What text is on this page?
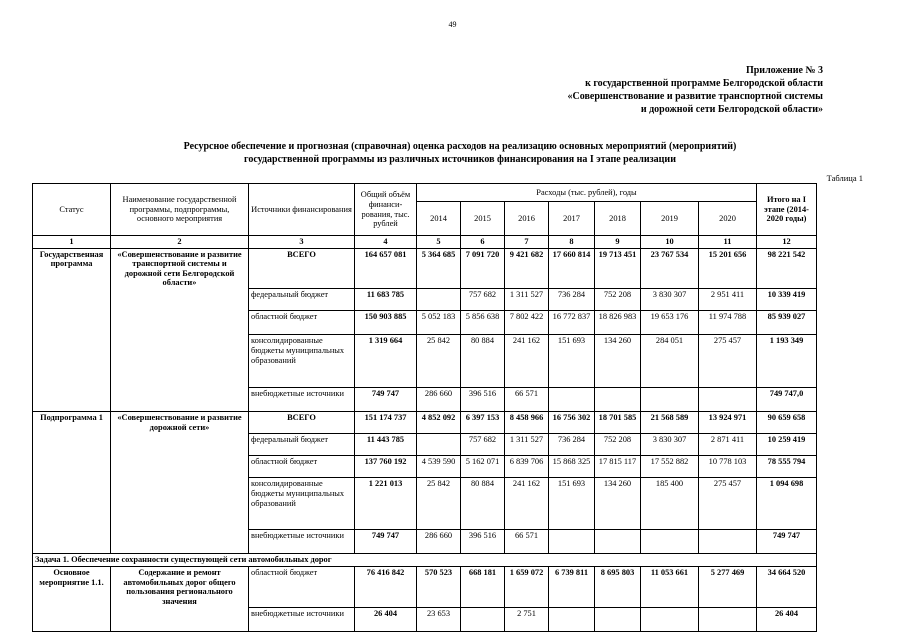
49
Приложение № 3
к государственной программе Белгородской области
«Совершенствование и развитие транспортной системы
и дорожной сети Белгородской области»
Ресурсное обеспечение и прогнозная (справочная) оценка расходов на реализацию основных мероприятий (мероприятий)
государственной программы из различных источников финансирования на I этапе реализации
Таблица 1
Статус	Наименование государственной программы, подпрограммы, основного мероприятия	Источники финансирования	Общий объём финанси-рования, тыс. рублей	Расходы (тыс. рублей), годы							Итого на I этапе (2014-2020 годы)
				2014	2015	2016	2017	2018	2019	2020	
1	2	3	4	5	6	7	8	9	10	11	12
Государственная программа	«Совершенствование и развитие транспортной системы и дорожной сети Белгородской области»	ВСЕГО	164 657 081	5 364 685	7 091 720	9 421 682	17 660 814	19 713 451	23 767 534	15 201 656	98 221 542
		федеральный бюджет	11 683 785		757 682	1 311 527	736 284	752 208	3 830 307	2 951 411	10 339 419
		областной бюджет	150 903 885	5 052 183	5 856 638	7 802 422	16 772 837	18 826 983	19 653 176	11 974 788	85 939 027
		консолидированные бюджеты муниципальных образований	1 319 664	25 842	80 884	241 162	151 693	134 260	284 051	275 457	1 193 349
		внебюджетные источники	749 747	286 660	396 516	66 571					749 747,0
Подпрограмма 1	«Совершенствование и развитие дорожной сети»	ВСЕГО	151 174 737	4 852 092	6 397 153	8 458 966	16 756 302	18 701 585	21 568 589	13 924 971	90 659 658
		федеральный бюджет	11 443 785		757 682	1 311 527	736 284	752 208	3 830 307	2 871 411	10 259 419
		областной бюджет	137 760 192	4 539 590	5 162 071	6 839 706	15 868 325	17 815 117	17 552 882	10 778 103	78 555 794
		консолидированные бюджеты муниципальных образований	1 221 013	25 842	80 884	241 162	151 693	134 260	185 400	275 457	1 094 698
		внебюджетные источники	749 747	286 660	396 516	66 571					749 747
Задача 1. Обеспечение сохранности существующей сети автомобильных дорог											
Основное мероприятие 1.1.	Содержание и ремонт автомобильных дорог общего пользования регионального значения	областной бюджет	76 416 842	570 523	668 181	1 659 072	6 739 811	8 695 803	11 053 661	5 277 469	34 664 520
		внебюджетные источники	26 404	23 653		2 751					26 404
